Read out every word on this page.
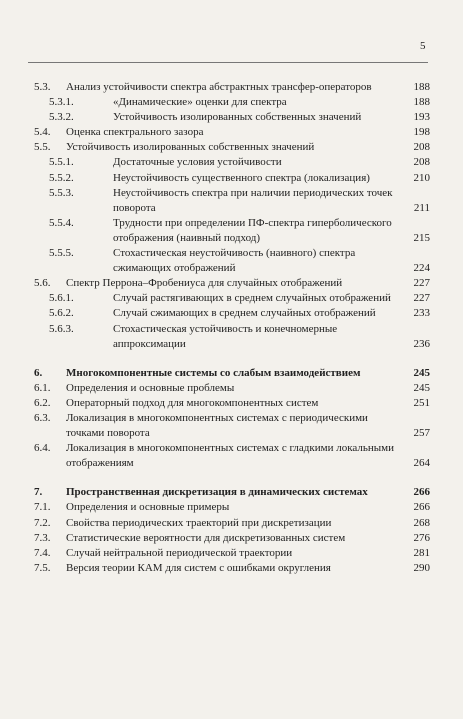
5
5.3.	Анализ устойчивости спектра абстрактных трансфер-операторов	188
5.3.1.	«Динамические» оценки для спектра	188
5.3.2.	Устойчивость изолированных собственных значений	193
5.4.	Оценка спектрального зазора	198
5.5.	Устойчивость изолированных собственных значений	208
5.5.1.	Достаточные условия устойчивости	208
5.5.2.	Неустойчивость существенного спектра (локализация)	210
5.5.3.	Неустойчивость спектра при наличии периодических точек поворота	211
5.5.4.	Трудности при определении ПФ-спектра гиперболического отображения (наивный подход)	215
5.5.5.	Стохастическая неустойчивость (наивного) спектра сжимающих отображений	224
5.6.	Спектр Перрона–Фробениуса для случайных отображений	227
5.6.1.	Случай растягивающих в среднем случайных отображений	227
5.6.2.	Случай сжимающих в среднем случайных отображений	233
5.6.3.	Стохастическая устойчивость и конечномерные аппроксимации	236
6.	Многокомпонентные системы со слабым взаимодействием	245
6.1.	Определения и основные проблемы	245
6.2.	Операторный подход для многокомпонентных систем	251
6.3.	Локализация в многокомпонентных системах с периодическими точками поворота	257
6.4.	Локализация в многокомпонентных системах с гладкими локальными отображениям	264
7.	Пространственная дискретизация в динамических системах	266
7.1.	Определения и основные примеры	266
7.2.	Свойства периодических траекторий при дискретизации	268
7.3.	Статистические вероятности для дискретизованных систем	276
7.4.	Случай нейтральной периодической траектории	281
7.5.	Версия теории КАМ для систем с ошибками округления	290
